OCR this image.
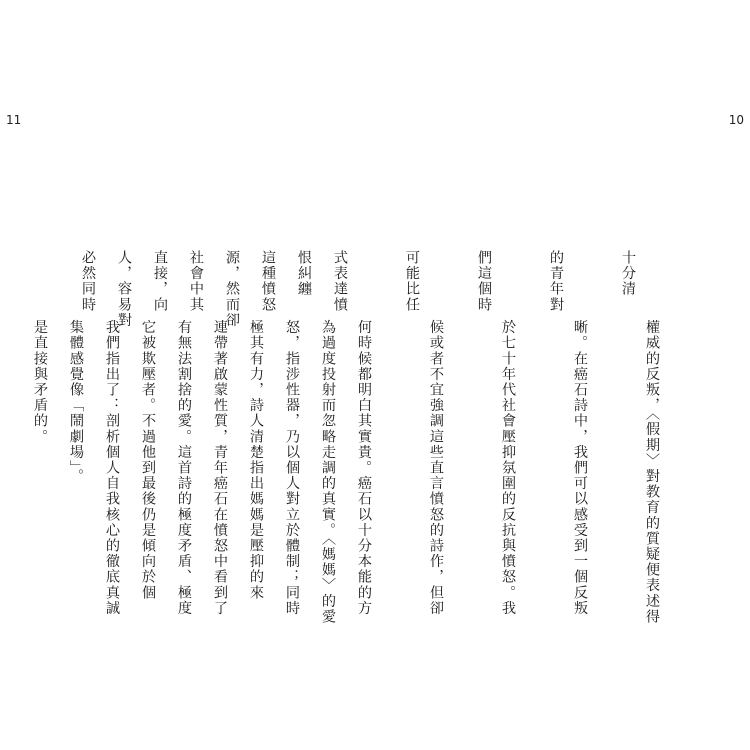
11	10

權威的反叛，〈假期〉對教育的質疑便表述得十分清

晰。在癌石詩中，我們可以感受到一個反叛的青年對

於七十年代社會壓抑氛圍的反抗與憤怒。我們這個時

候或者不宜強調這些直言憤怒的詩作，但卻可能比任

何時候都明白其實貴。癌石以十分本能的方式表達憤

怒，指涉性器，乃以個人對立於體制；同時這種憤怒

連帶著啟蒙性質，青年癌石在憤怒中看到了社會中其

它被欺壓者。不過他到最後仍是傾向於個人，容易對

集體感覺像「鬧劇場」。

	為過度投射而忽略走調的真實。〈媽媽〉的愛恨糾纏

極其有力，詩人清楚指出媽媽是壓抑的來源，然而卻

有無法割捨的愛。這首詩的極度矛盾、極度直接，向

我們指出了：剖析個人自我核心的徹底真誠必然同時

是直接與矛盾的。
